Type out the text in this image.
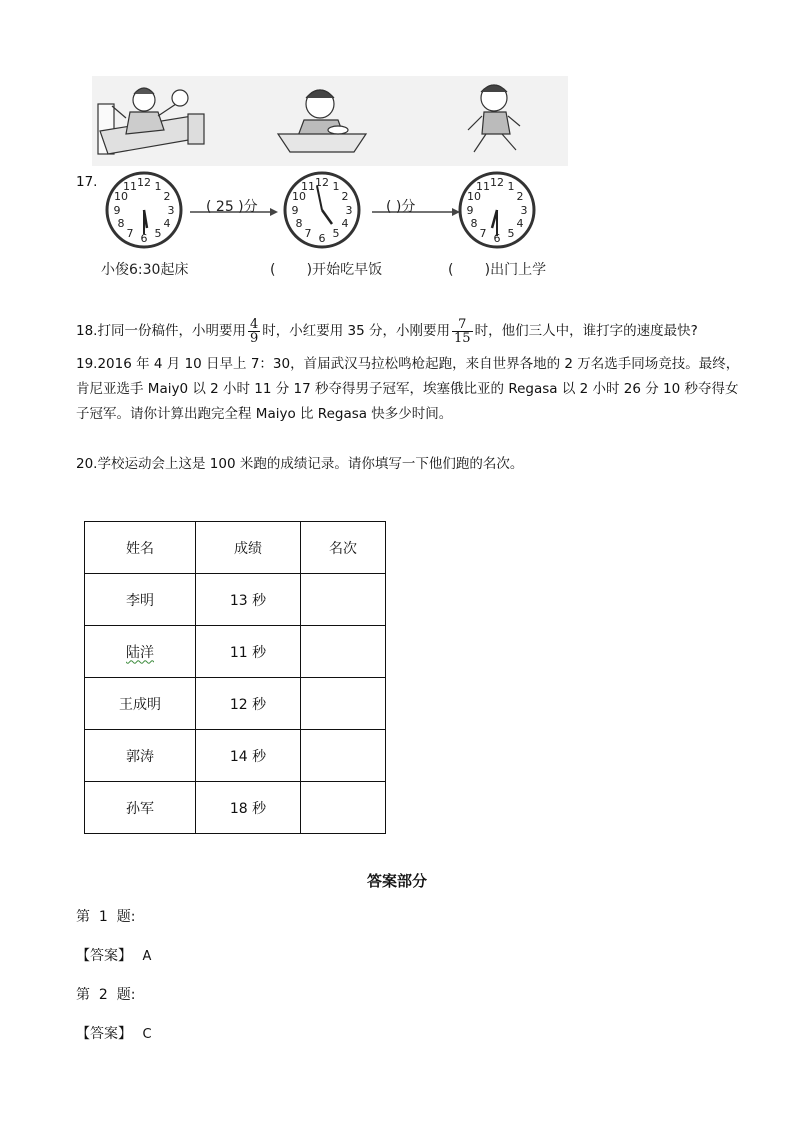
12 1
2
3
4
5
6
7
8
9
10
11	12 1
2
3
4
5
6
7
8
9
10
11	12 1
2
3
4
5
6
7
8
9
10
11
( 25 )分	( )分
17.
小俊6:30起床	(       )开始吃早饭	(       )出门上学
18. 打同一份稿件，小明要用 $\frac{4}{9}$ 时，小红要用 35 分，小刚要用 $\frac{7}{15}$ 时，他们三人中，谁打字的速度最快?
19.2016 年 4 月 10 日早上 7：30，首届武汉马拉松鸣枪起跑，来自世界各地的 2 万名选手同场竞技。最终，
肯尼亚选手 Maiy0 以 2 小时 11 分 17 秒夺得男子冠军，埃塞俄比亚的 Regasa 以 2 小时 26 分 10 秒夺得女
子冠军。请你计算出跑完全程 Maiyo 比 Regasa 快多少时间。
20.学校运动会上这是 100 米跑的成绩记录。请你填写一下他们跑的名次。
姓名	成绩	名次
李明	13 秒	
陆洋	11 秒	
王成明	12 秒	
郭涛	14 秒	
孙军	18 秒	
答案部分
第  1  题:
【答案】 A
第  2  题:
【答案】 C
